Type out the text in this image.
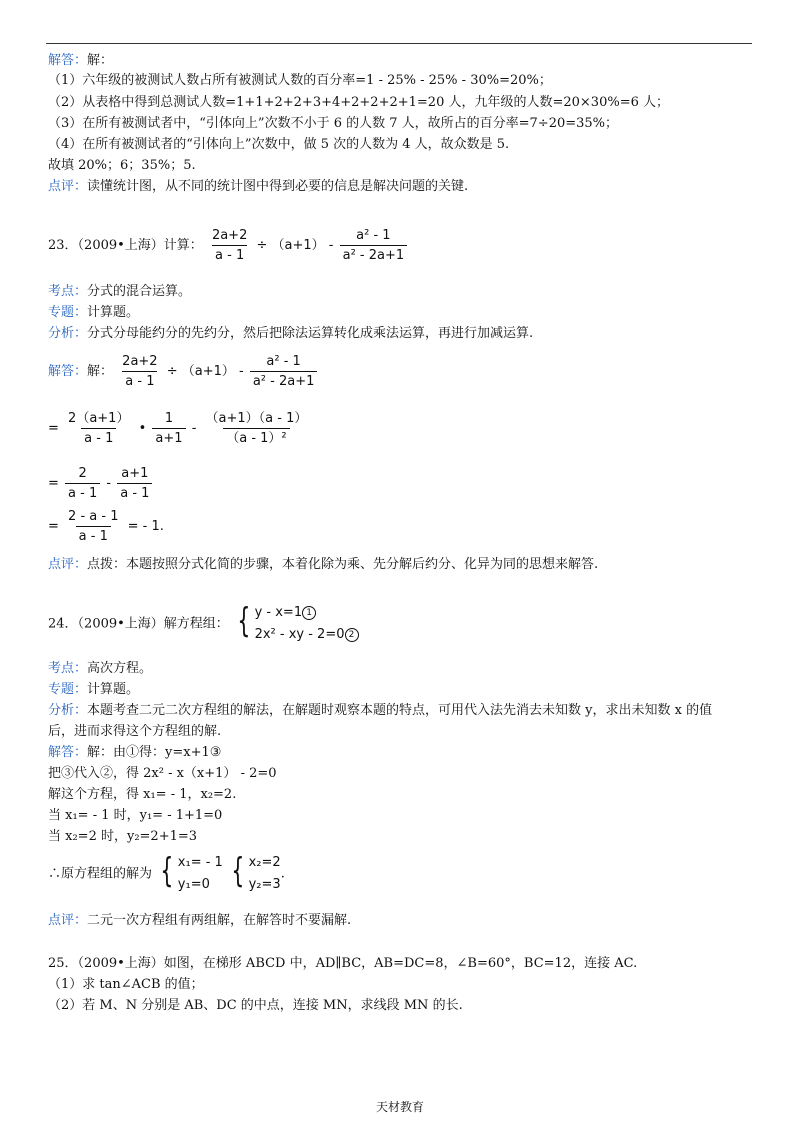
解答：解：
（1）六年级的被测试人数占所有被测试人数的百分率=1 - 25% - 25% - 30%=20%；
（2）从表格中得到总测试人数=1+1+2+2+3+4+2+2+2+1=20 人，九年级的人数=20×30%=6 人；
（3）在所有被测试者中，“引体向上”次数不小于 6 的人数 7 人，故所占的百分率=7÷20=35%；
（4）在所有被测试者的“引体向上”次数中，做 5 次的人数为 4 人，故众数是 5.
故填 20%；6；35%；5.
点评：读懂统计图，从不同的统计图中得到必要的信息是解决问题的关键.
23．（2009•上海）计算： $\frac{2a+2}{a - 1} \div (a+1) - \frac{\text{a² - 1}}{\text{a² - 2a+1}}$
考点：分式的混合运算。
专题：计算题。
分析：分式分母能约分的先约分，然后把除法运算转化成乘法运算，再进行加减运算.
解答：解： $\frac{2a+2}{a - 1} \div (a+1) - \frac{\text{a² - 1}}{\text{a² - 2a+1}}$
= $\frac{2(a+1)}{a - 1}$ • $\frac{1}{a+1} - \frac{(a+1)(a - 1)}{\text{（a - 1）²}}$
= $\frac{2}{a - 1} - \frac{a+1}{a - 1}$
= $\frac{2 - a - 1}{a - 1}$ = - 1.
点评：点拨：本题按照分式化简的步骤，本着化除为乘、先分解后约分、化异为同的思想来解答.
24．（2009•上海）解方程组： { y - x=1 1
2x² - xy - 2=0 2
考点：高次方程。
专题：计算题。
分析：本题考查二元二次方程组的解法，在解题时观察本题的特点，可用代入法先消去未知数 y，求出未知数 x 的值
后，进而求得这个方程组的解.
解答：解：由①得：y=x+1③
把③代入②，得 2x² - x（x+1） - 2=0
解这个方程，得 x₁= - 1，x₂=2.
当 x₁= - 1 时，y₁= - 1+1=0
当 x₂=2 时，y₂=2+1=3
∴原方程组的解为 { x₁= - 1
y₁=0
{ x₂=2
y₂=3
.
点评：二元一次方程组有两组解，在解答时不要漏解.
25．（2009•上海）如图，在梯形 ABCD 中，AD∥BC，AB=DC=8，∠B=60°，BC=12，连接 AC.
（1）求 tan∠ACB 的值；
（2）若 M、N 分别是 AB、DC 的中点，连接 MN，求线段 MN 的长.
天材教育
